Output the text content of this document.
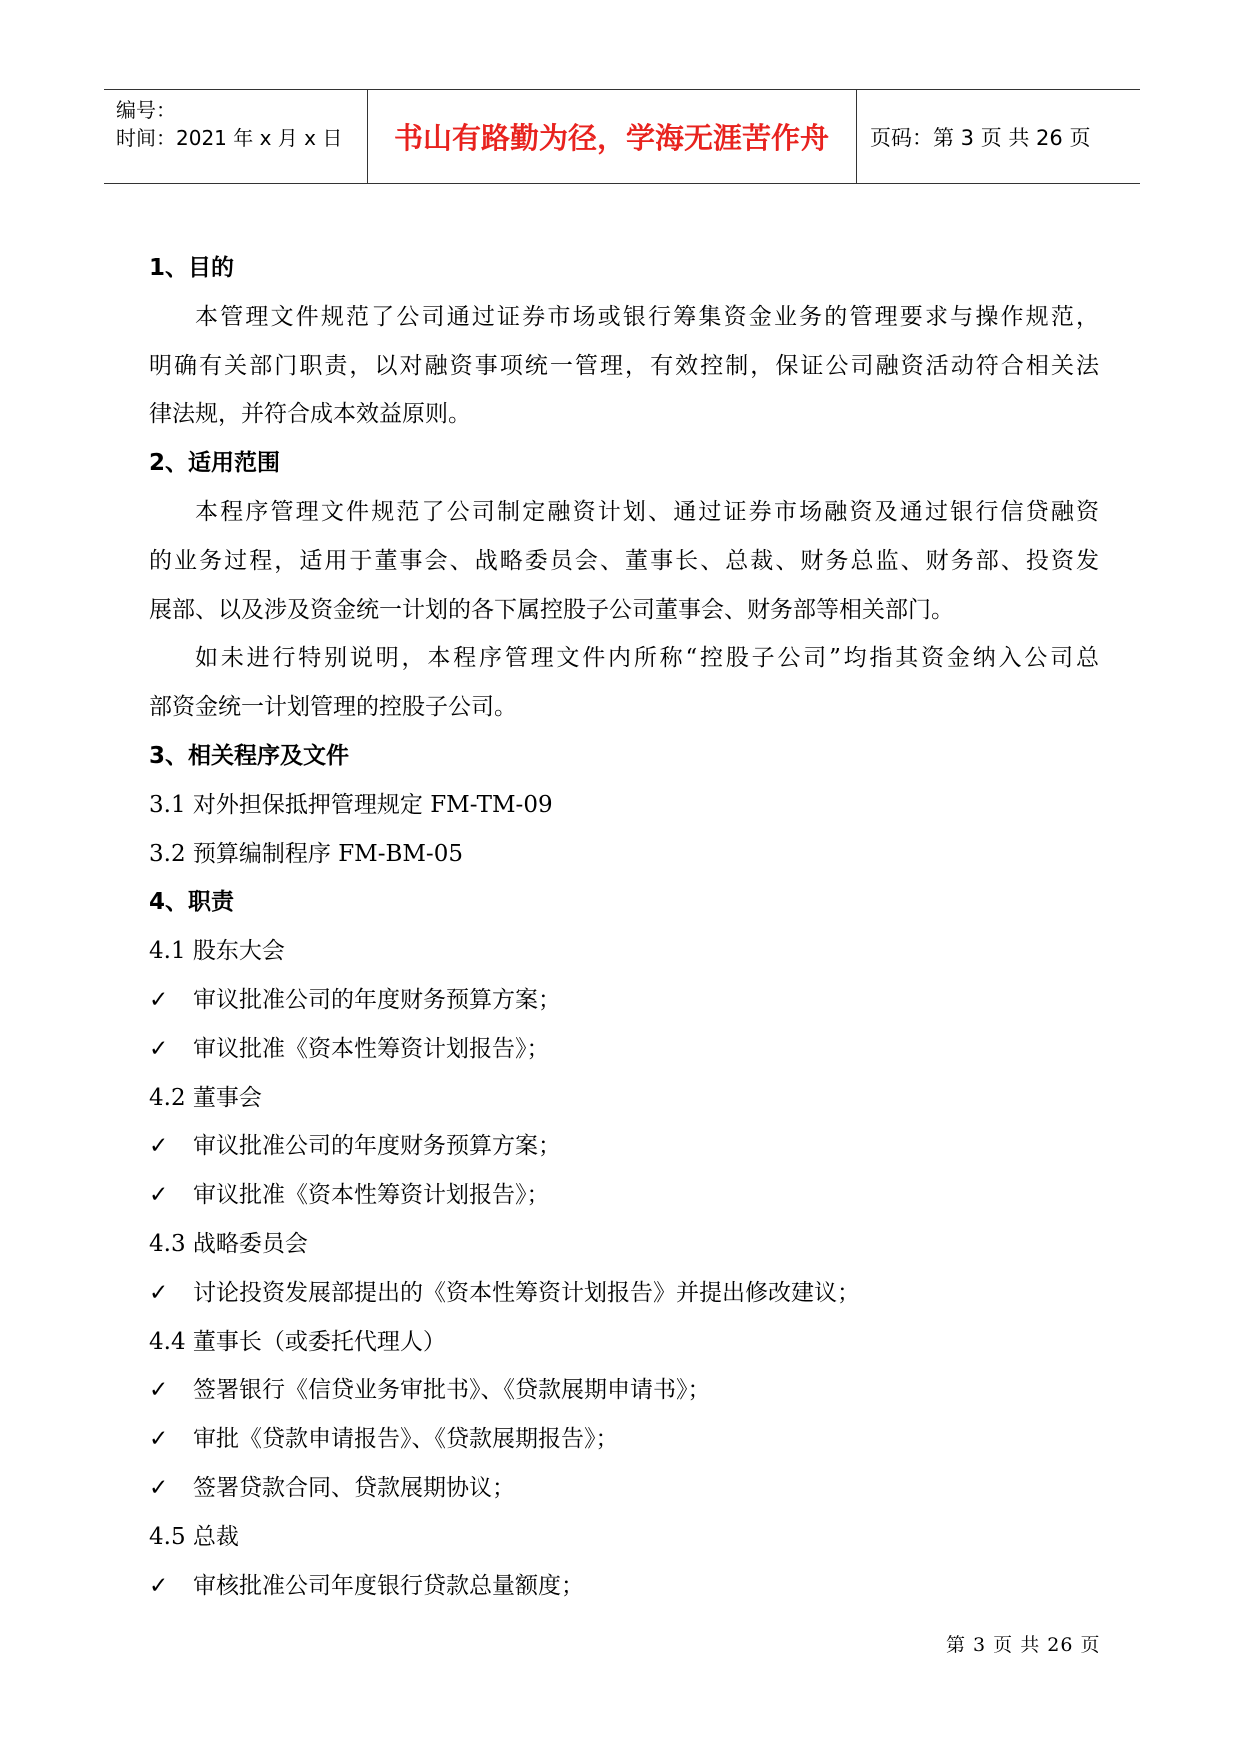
编号：
时间：2021 年 x 月 x 日	书山有路勤为径，学海无涯苦作舟	页码：第 3 页 共 26 页
1、目的
本管理文件规范了公司通过证券市场或银行筹集资金业务的管理要求与操作规范，
明确有关部门职责，以对融资事项统一管理，有效控制，保证公司融资活动符合相关法
律法规，并符合成本效益原则。
2、适用范围
本程序管理文件规范了公司制定融资计划、通过证券市场融资及通过银行信贷融资
的业务过程，适用于董事会、战略委员会、董事长、总裁、财务总监、财务部、投资发
展部、以及涉及资金统一计划的各下属控股子公司董事会、财务部等相关部门。
如未进行特别说明，本程序管理文件内所称“控股子公司”均指其资金纳入公司总
部资金统一计划管理的控股子公司。
3、相关程序及文件
3.1 对外担保抵押管理规定 FM-TM-09
3.2 预算编制程序 FM-BM-05
4、职责
4.1 股东大会
✓ 审议批准公司的年度财务预算方案；
✓ 审议批准《资本性筹资计划报告》；
4.2 董事会
✓ 审议批准公司的年度财务预算方案；
✓ 审议批准《资本性筹资计划报告》；
4.3 战略委员会
✓ 讨论投资发展部提出的《资本性筹资计划报告》并提出修改建议；
4.4 董事长（或委托代理人）
✓ 签署银行《信贷业务审批书》、《贷款展期申请书》；
✓ 审批《贷款申请报告》、《贷款展期报告》；
✓ 签署贷款合同、贷款展期协议；
4.5 总裁
✓ 审核批准公司年度银行贷款总量额度；
第 3 页 共 26 页
